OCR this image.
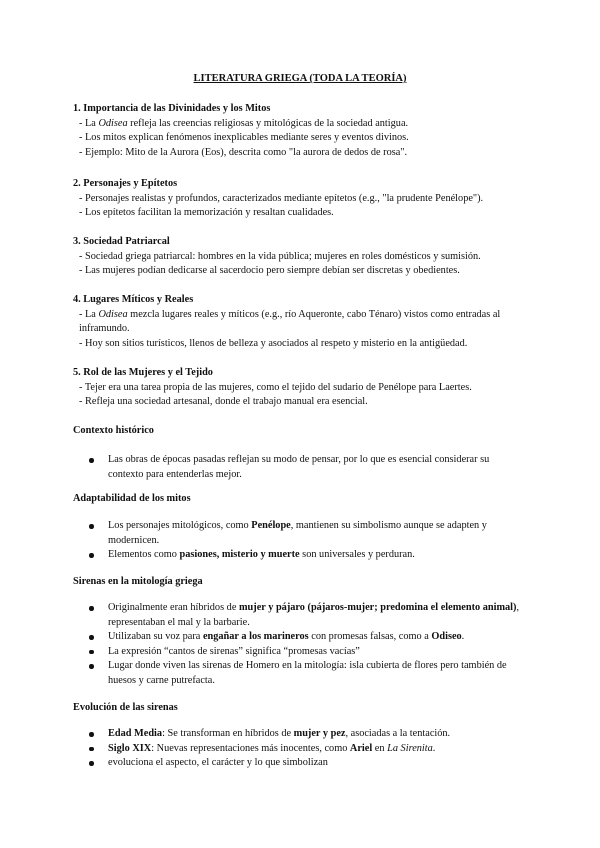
LITERATURA GRIEGA (TODA LA TEORÍA)

1. Importancia de las Divinidades y los Mitos

- La Odisea refleja las creencias religiosas y mitológicas de la sociedad antigua.

- Los mitos explican fenómenos inexplicables mediante seres y eventos divinos.

- Ejemplo: Mito de la Aurora (Eos), descrita como "la aurora de dedos de rosa".

2. Personajes y Epítetos

- Personajes realistas y profundos, caracterizados mediante epítetos (e.g., "la prudente Penélope").

- Los epítetos facilitan la memorización y resaltan cualidades.

3. Sociedad Patriarcal

- Sociedad griega patriarcal: hombres en la vida pública; mujeres en roles domésticos y sumisión.

- Las mujeres podían dedicarse al sacerdocio pero siempre debían ser discretas y obedientes.

4. Lugares Míticos y Reales

- La Odisea mezcla lugares reales y míticos (e.g., río Aqueronte, cabo Ténaro) vistos como entradas al inframundo.

- Hoy son sitios turísticos, llenos de belleza y asociados al respeto y misterio en la antigüedad.

5. Rol de las Mujeres y el Tejido

- Tejer era una tarea propia de las mujeres, como el tejido del sudario de Penélope para Laertes.

- Refleja una sociedad artesanal, donde el trabajo manual era esencial.

Contexto histórico

Las obras de épocas pasadas reflejan su modo de pensar, por lo que es esencial considerar su contexto para entenderlas mejor.

Adaptabilidad de los mitos

Los personajes mitológicos, como Penélope, mantienen su simbolismo aunque se adapten y modernicen.

Elementos como pasiones, misterio y muerte son universales y perduran.

Sirenas en la mitología griega

Originalmente eran híbridos de mujer y pájaro (pájaros-mujer; predomina el elemento animal), representaban el mal y la barbarie.

Utilizaban su voz para engañar a los marineros con promesas falsas, como a Odiseo.

La expresión “cantos de sirenas” significa “promesas vacías”

Lugar donde viven las sirenas de Homero en la mitología: isla cubierta de flores pero también de huesos y carne putrefacta.

Evolución de las sirenas

Edad Media: Se transforman en híbridos de mujer y pez, asociadas a la tentación.

Siglo XIX: Nuevas representaciones más inocentes, como Ariel en La Sirenita.

evoluciona el aspecto, el carácter y lo que simbolizan
